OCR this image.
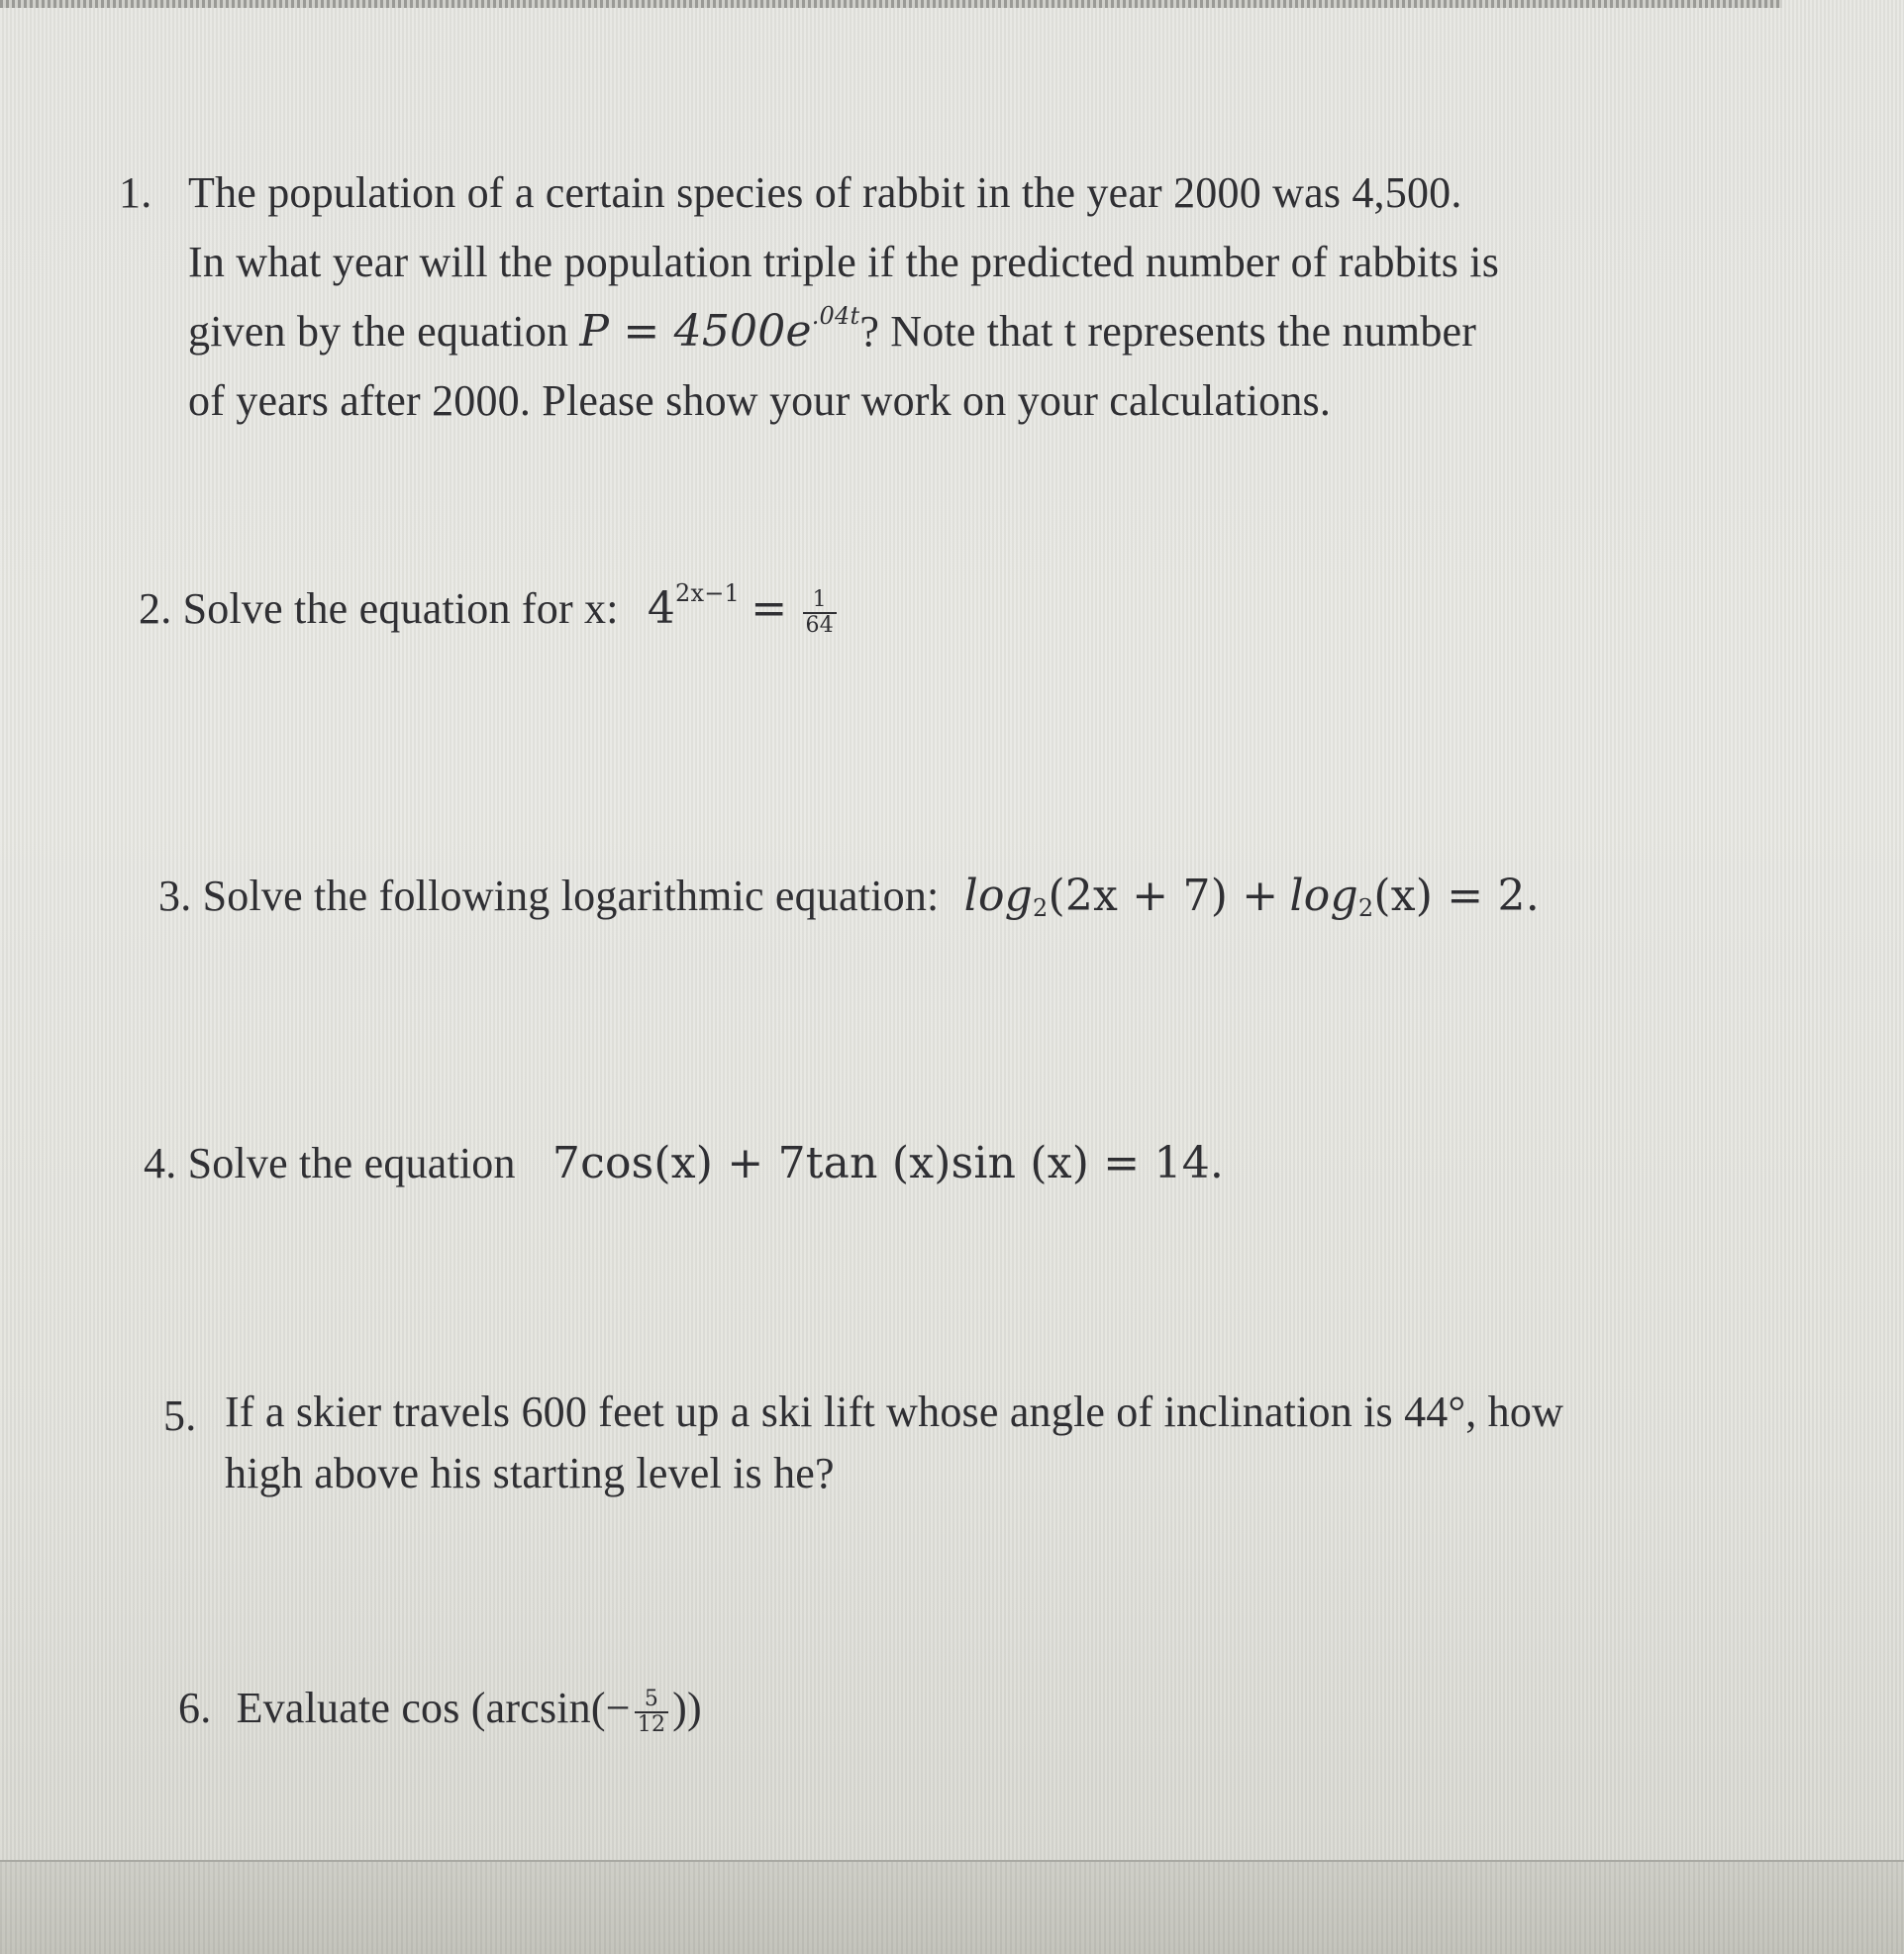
1. The population of a certain species of rabbit in the year 2000 was 4,500.
In what year will the population triple if the predicted number of rabbits is
given by the equation $P = 4500e^{.04t}$? Note that t represents the number
of years after 2000. Please show your work on your calculations.
2. Solve the equation for x: $4^{2x-1} = \frac{1}{64}$
3. Solve the following logarithmic equation: $\log_2(2x + 7) + \log_2(x) = 2$.
4. Solve the equation 7cos(x) + 7tan (x)sin (x) = 14.
5. If a skier travels 600 feet up a ski lift whose angle of inclination is 44°, how
high above his starting level is he?
6. Evaluate $\cos (\arcsin(- \frac{5}{12}$ ))
